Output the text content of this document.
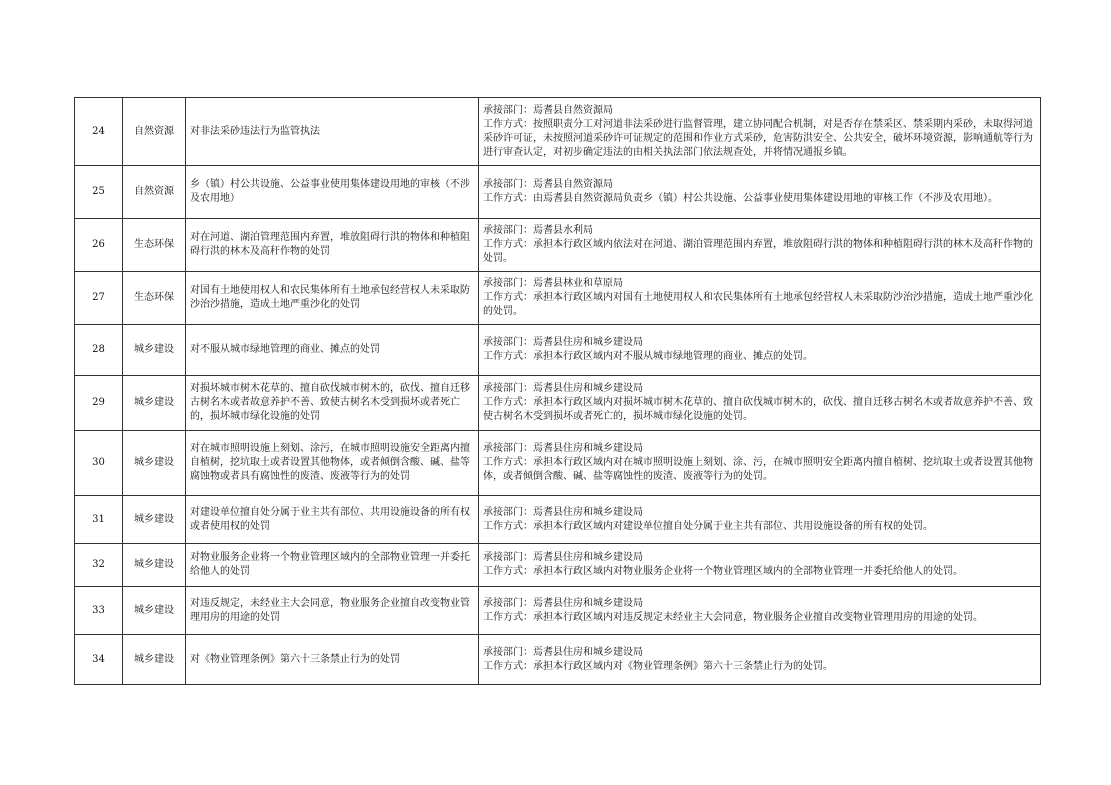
24	自然资源	对非法采砂违法行为监管执法	承接部门：焉耆县自然资源局
工作方式：按照职责分工对河道非法采砂进行监督管理，建立协同配合机制，对是否存在禁采区、禁采期内采砂，未取得河道采砂许可证，未按照河道采砂许可证规定的范围和作业方式采砂，危害防洪安全、公共安全，破坏环境资源，影响通航等行为进行审查认定，对初步确定违法的由相关执法部门依法规查处，并将情况通报乡镇。

25	自然资源	乡（镇）村公共设施、公益事业使用集体建设用地的审核（不涉及农用地）	承接部门：焉耆县自然资源局
工作方式：由焉耆县自然资源局负责乡（镇）村公共设施、公益事业使用集体建设用地的审核工作（不涉及农用地）。

26	生态环保	对在河道、湖泊管理范围内弃置，堆放阻碍行洪的物体和种植阻碍行洪的林木及高秆作物的处罚	承接部门：焉耆县水利局
工作方式：承担本行政区域内依法对在河道、湖泊管理范围内弃置，堆放阻碍行洪的物体和种植阻碍行洪的林木及高秆作物的处罚。

27	生态环保	对国有土地使用权人和农民集体所有土地承包经营权人未采取防沙治沙措施，造成土地严重沙化的处罚	承接部门：焉耆县林业和草原局
工作方式：承担本行政区域内对国有土地使用权人和农民集体所有土地承包经营权人未采取防沙治沙措施，造成土地严重沙化的处罚。

28	城乡建设	对不服从城市绿地管理的商业、摊点的处罚	承接部门：焉耆县住房和城乡建设局
工作方式：承担本行政区域内对不服从城市绿地管理的商业、摊点的处罚。

29	城乡建设	对损坏城市树木花草的、擅自砍伐城市树木的，砍伐、擅自迁移古树名木或者故意养护不善、致使古树名木受到损坏或者死亡的，损坏城市绿化设施的处罚	承接部门：焉耆县住房和城乡建设局
工作方式：承担本行政区域内对损坏城市树木花草的、擅自砍伐城市树木的，砍伐、擅自迁移古树名木或者故意养护不善、致使古树名木受到损坏或者死亡的，损坏城市绿化设施的处罚。

30	城乡建设	对在城市照明设施上刻划、涂污，在城市照明设施安全距离内擅自植树，挖坑取土或者设置其他物体，或者倾倒含酸、碱、盐等腐蚀物或者具有腐蚀性的废渣、废液等行为的处罚	承接部门：焉耆县住房和城乡建设局
工作方式：承担本行政区域内对在城市照明设施上刻划、涂、污，在城市照明安全距离内擅自植树、挖坑取土或者设置其他物体，或者倾倒含酸、碱、盐等腐蚀性的废渣、废液等行为的处罚。

31	城乡建设	对建设单位擅自处分属于业主共有部位、共用设施设备的所有权或者使用权的处罚	承接部门：焉耆县住房和城乡建设局
工作方式：承担本行政区域内对建设单位擅自处分属于业主共有部位、共用设施设备的所有权的处罚。

32	城乡建设	对物业服务企业将一个物业管理区域内的全部物业管理一并委托给他人的处罚	承接部门：焉耆县住房和城乡建设局
工作方式：承担本行政区域内对物业服务企业将一个物业管理区域内的全部物业管理一并委托给他人的处罚。

33	城乡建设	对违反规定，未经业主大会同意，物业服务企业擅自改变物业管理用房的用途的处罚	承接部门：焉耆县住房和城乡建设局
工作方式：承担本行政区域内对违反规定未经业主大会同意，物业服务企业擅自改变物业管理用房的用途的处罚。

34	城乡建设	对《物业管理条例》第六十三条禁止行为的处罚	承接部门：焉耆县住房和城乡建设局
工作方式：承担本行政区域内对《物业管理条例》第六十三条禁止行为的处罚。
